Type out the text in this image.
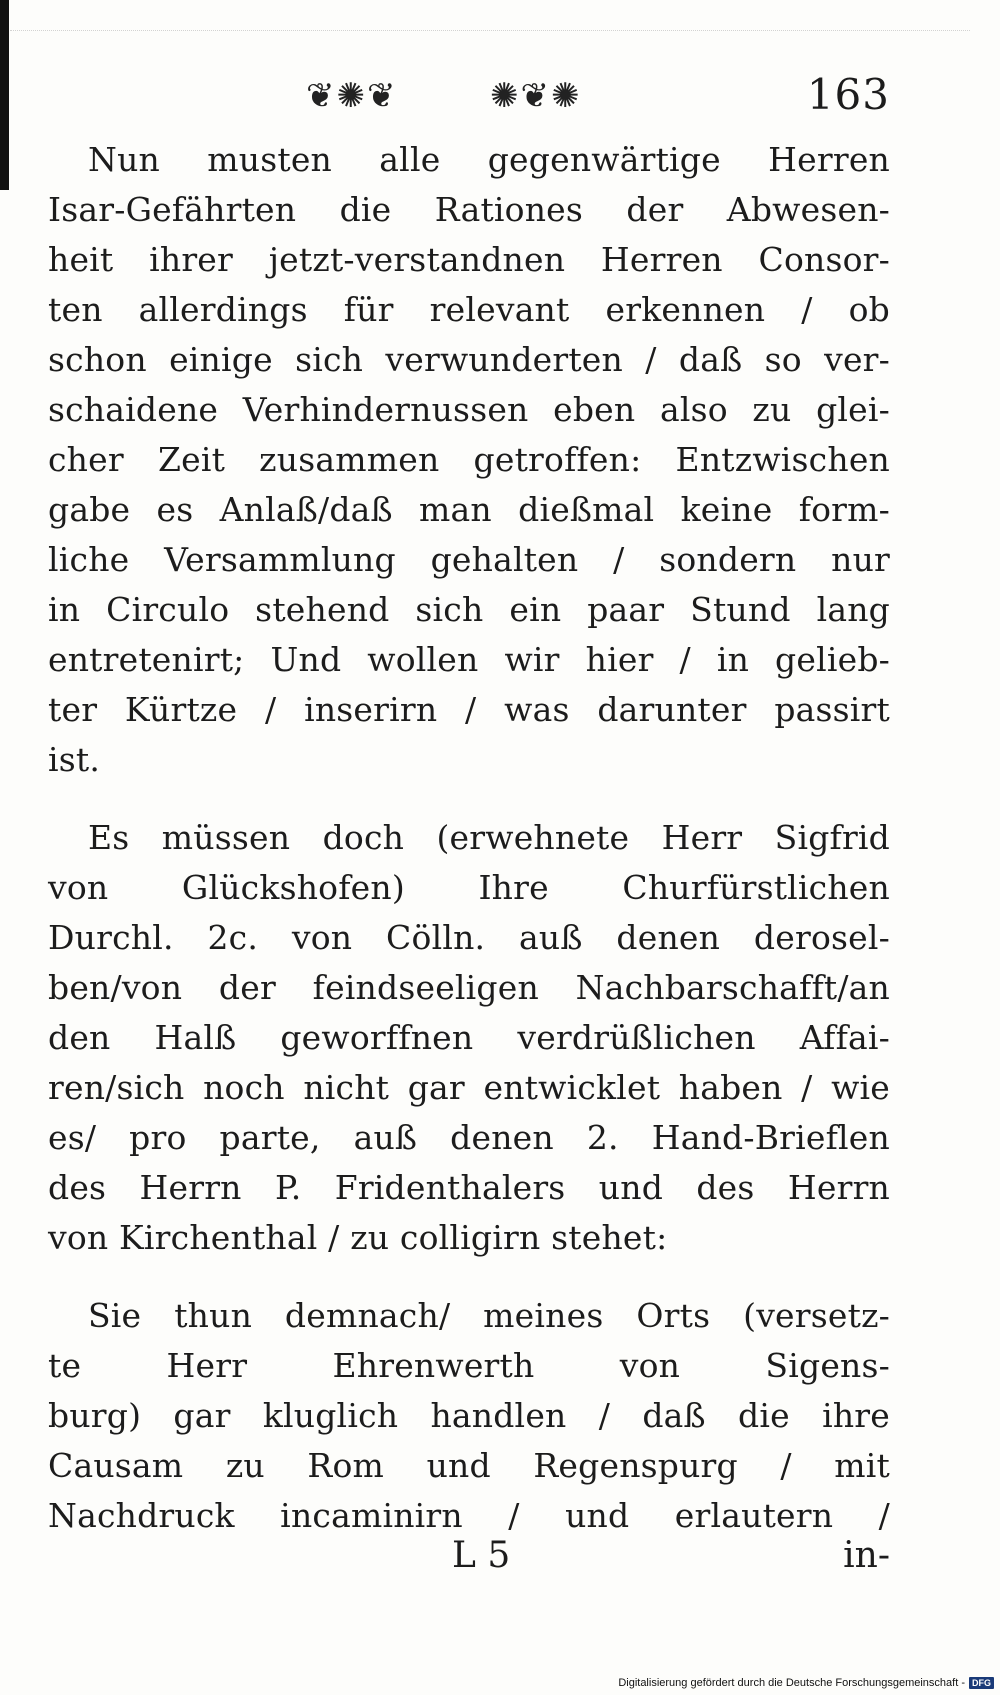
❦✺❦	✺❦✺	163
Nun musten alle gegenwärtige Herren
Isar-Gefährten die Rationes der Abwesen-
heit ihrer jetzt-verstandnen Herren Consor-
ten allerdings für relevant erkennen / ob
schon einige sich verwunderten / daß so ver-
schaidene Verhindernussen eben also zu glei-
cher Zeit zusammen getroffen: Entzwischen
gabe es Anlaß/daß man dießmal keine form-
liche Versammlung gehalten / sondern nur
in Circulo stehend sich ein paar Stund lang
entretenirt; Und wollen wir hier / in gelieb-
ter Kürtze / inserirn / was darunter passirt
ist.
Es müssen doch (erwehnete Herr Sigfrid
von Glückshofen) Ihre Churfürstlichen
Durchl. 2c. von Cölln. auß denen derosel-
ben/von der feindseeligen Nachbarschafft/an
den Halß geworffnen verdrüßlichen Affai-
ren/sich noch nicht gar entwicklet haben / wie
es/ pro parte, auß denen 2. Hand-Brieflen
des Herrn P. Fridenthalers und des Herrn
von Kirchenthal / zu colligirn stehet:
Sie thun demnach/ meines Orts (versetz-
te Herr Ehrenwerth von Sigens-
burg) gar kluglich handlen / daß die ihre
Causam zu Rom und Regenspurg / mit
Nachdruck incaminirn / und erlautern /
L 5	in-
Digitalisierung gefördert durch die Deutsche Forschungsgemeinschaft - DFG
